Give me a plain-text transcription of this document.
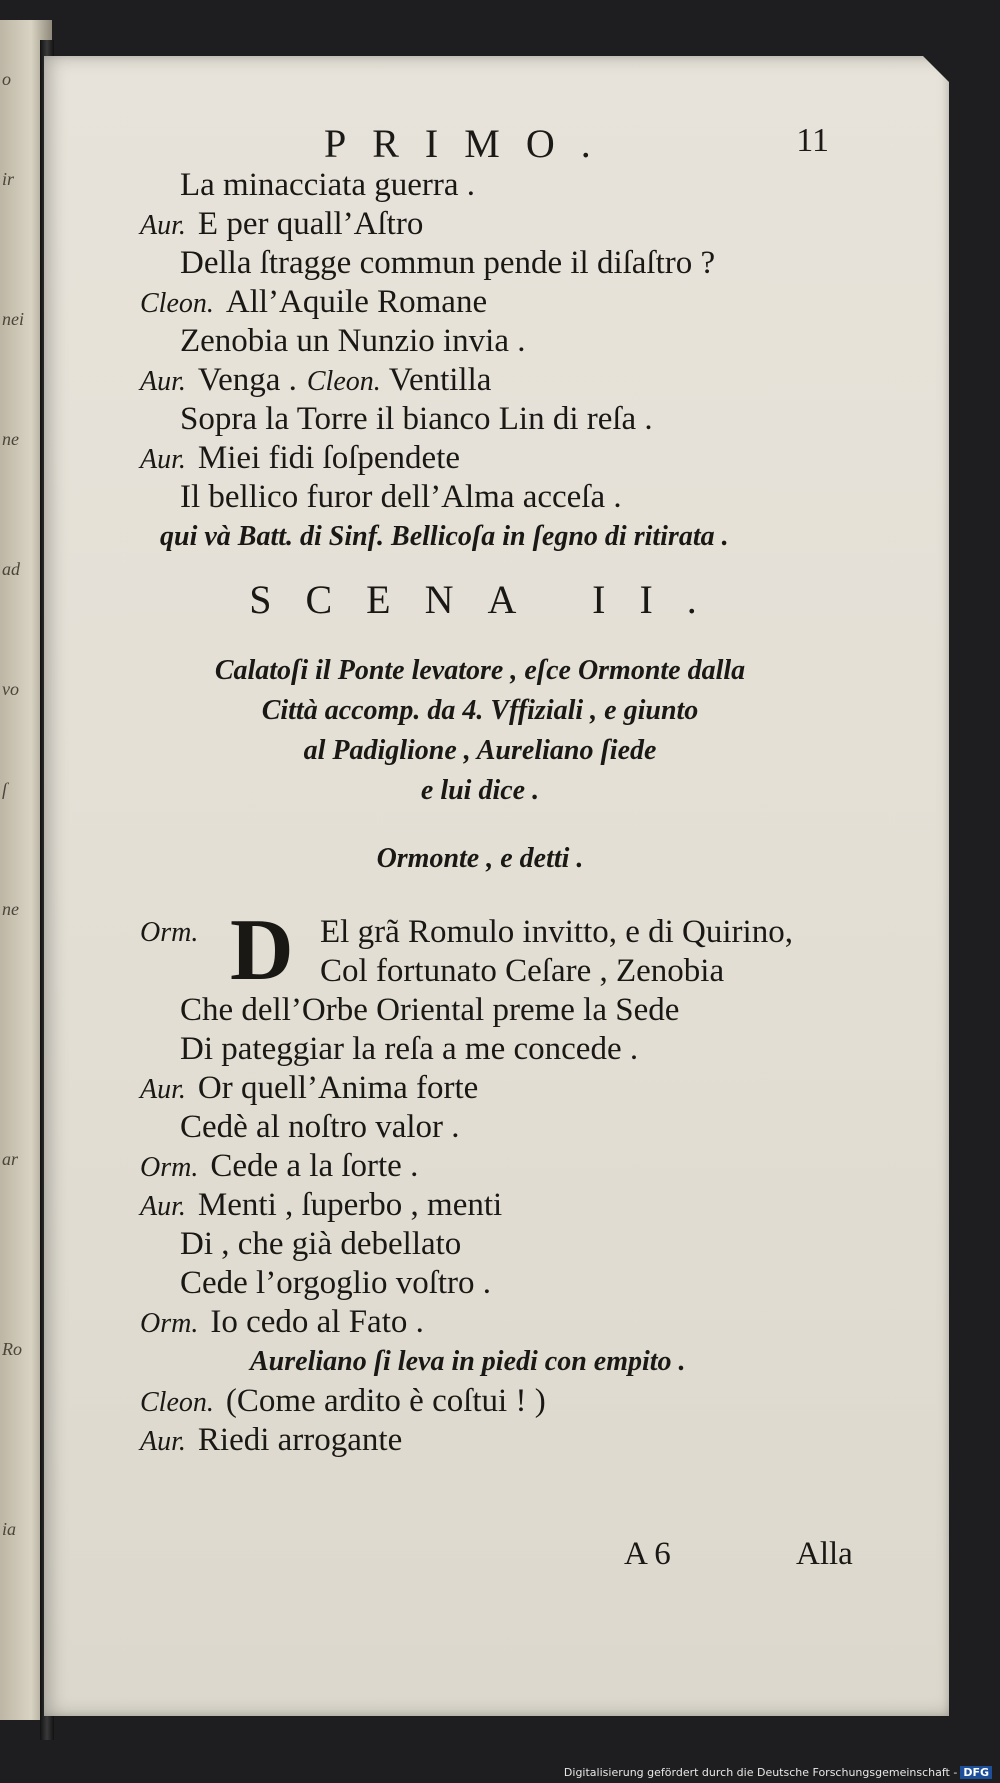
o
ir
nei
ne
ad
vo
ſ
ne
ar
Ro
ia
PRIMO.	11
La minacciata guerra .
Aur. E per quall’Aſtro
Della ſtragge commun pende il diſaſtro ?
Cleon. All’Aquile Romane
Zenobia un Nunzio invia .
Aur. Venga . Cleon. Ventilla
Sopra la Torre il bianco Lin di reſa .
Aur. Miei fidi ſoſpendete
Il bellico furor dell’Alma acceſa .
qui và Batt. di Sinf. Bellicoſa in ſegno di ritirata .
SCENA II.
Calatoſi il Ponte levatore , eſce Ormonte dalla
Città accomp. da 4. Vffiziali , e giunto
al Padiglione , Aureliano ſiede
e lui dice .
Ormonte , e detti .
Orm. D El grã Romulo invitto, e di Quirino,
Col fortunato Ceſare , Zenobia
Che dell’Orbe Oriental preme la Sede
Di pateggiar la reſa a me concede .
Aur. Or quell’Anima forte
Cedè al noſtro valor .
Orm. Cede a la ſorte .
Aur. Menti , ſuperbo , menti
Di , che già debellato
Cede l’orgoglio voſtro .
Orm. Io cedo al Fato .
Aureliano ſi leva in piedi con empito .
Cleon. (Come ardito è coſtui ! )
Aur. Riedi arrogante
A 6	Alla
Digitalisierung gefördert durch die Deutsche Forschungsgemeinschaft - DFG
